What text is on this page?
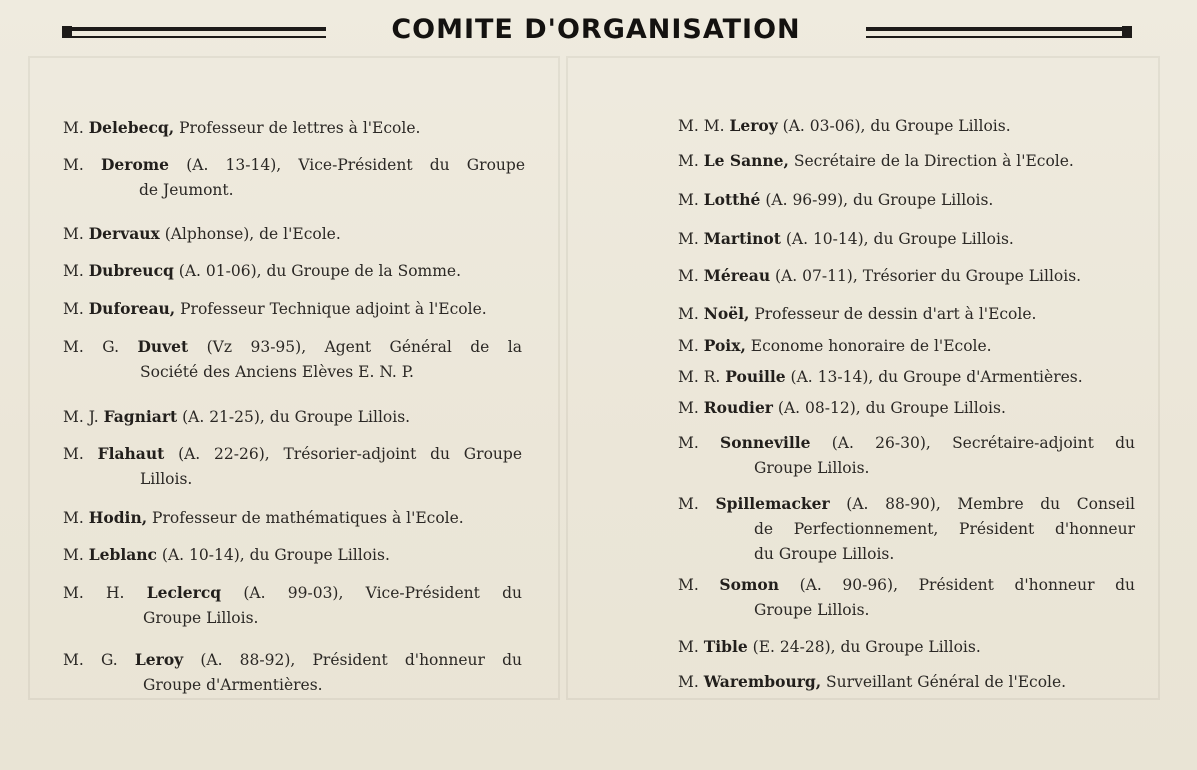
COMITE D'ORGANISATION
M. Delebecq, Professeur de lettres à l'Ecole.
M. Derome (A. 13-14), Vice-Président du Groupe
de Jeumont.
M. Dervaux (Alphonse), de l'Ecole.
M. Dubreucq (A. 01-06), du Groupe de la Somme.
M. Duforeau, Professeur Technique adjoint à l'Ecole.
M. G. Duvet (Vz 93-95), Agent Général de la
Société des Anciens Elèves E. N. P.
M. J. Fagniart (A. 21-25), du Groupe Lillois.
M. Flahaut (A. 22-26), Trésorier-adjoint du Groupe
Lillois.
M. Hodin, Professeur de mathématiques à l'Ecole.
M. Leblanc (A. 10-14), du Groupe Lillois.
M. H. Leclercq (A. 99-03), Vice-Président du
Groupe Lillois.
M. G. Leroy (A. 88-92), Président d'honneur du
Groupe d'Armentières.
M. M. Leroy (A. 03-06), du Groupe Lillois.
M. Le Sanne, Secrétaire de la Direction à l'Ecole.
M. Lotthé (A. 96-99), du Groupe Lillois.
M. Martinot (A. 10-14), du Groupe Lillois.
M. Méreau (A. 07-11), Trésorier du Groupe Lillois.
M. Noël, Professeur de dessin d'art à l'Ecole.
M. Poix, Econome honoraire de l'Ecole.
M. R. Pouille (A. 13-14), du Groupe d'Armentières.
M. Roudier (A. 08-12), du Groupe Lillois.
M. Sonneville (A. 26-30), Secrétaire-adjoint du
Groupe Lillois.
M. Spillemacker (A. 88-90), Membre du Conseil
de Perfectionnement, Président d'honneur
du Groupe Lillois.
M. Somon (A. 90-96), Président d'honneur du
Groupe Lillois.
M. Tible (E. 24-28), du Groupe Lillois.
M. Warembourg, Surveillant Général de l'Ecole.
